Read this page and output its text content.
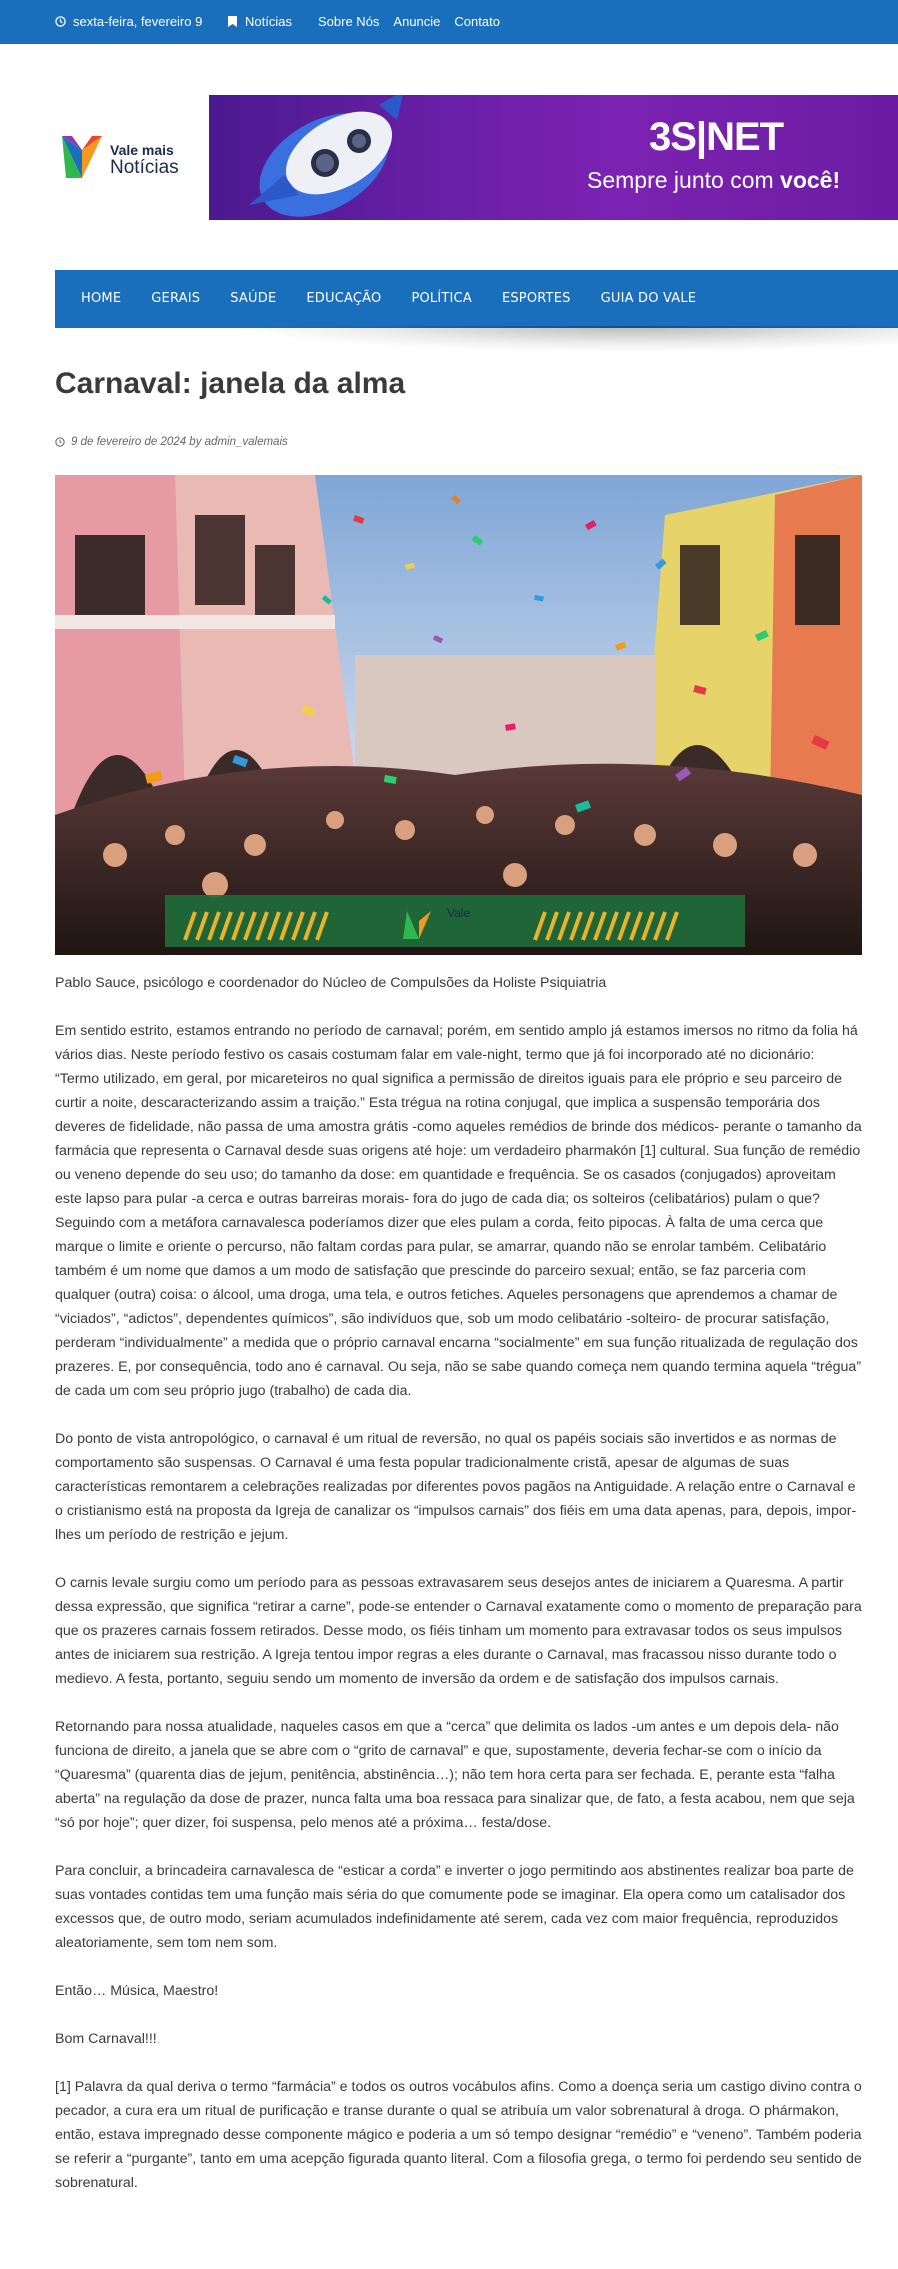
sexta-feira, fevereiro 9	Notícias Sobre Nós Anuncie Contato
Vale mais
Notícias
3S|NET
Sempre junto com você!
HOME GERAIS SAÚDE EDUCAÇÃO POLÍTICA ESPORTES GUIA DO VALE
Carnaval: janela da alma
9 de fevereiro de 2024
by
admin_valemais
Vale

Pablo Sauce, psicólogo e coordenador do Núcleo de Compulsões da Holiste Psiquiatria

Em sentido estrito, estamos entrando no período de carnaval; porém, em sentido amplo já estamos imersos no ritmo da folia há vários dias. Neste período festivo os casais costumam falar em vale-night, termo que já foi incorporado até no dicionário: “Termo utilizado, em geral, por micareteiros no qual significa a permissão de direitos iguais para ele próprio e seu parceiro de curtir a noite, descaracterizando assim a traição.” Esta trégua na rotina conjugal, que implica a suspensão temporária dos deveres de fidelidade, não passa de uma amostra grátis -como aqueles remédios de brinde dos médicos- perante o tamanho da farmácia que representa o Carnaval desde suas origens até hoje: um verdadeiro pharmakón [1] cultural. Sua função de remédio ou veneno depende do seu uso; do tamanho da dose: em quantidade e frequência. Se os casados (conjugados) aproveitam este lapso para pular -a cerca e outras barreiras morais- fora do jugo de cada dia; os solteiros (celibatários) pulam o que? Seguindo com a metáfora carnavalesca poderíamos dizer que eles pulam a corda, feito pipocas. À falta de uma cerca que marque o limite e oriente o percurso, não faltam cordas para pular, se amarrar, quando não se enrolar também. Celibatário também é um nome que damos a um modo de satisfação que prescinde do parceiro sexual; então, se faz parceria com qualquer (outra) coisa: o álcool, uma droga, uma tela, e outros fetiches. Aqueles personagens que aprendemos a chamar de “viciados”, “adictos”, dependentes químicos”, são indivíduos que, sob um modo celibatário -solteiro- de procurar satisfação, perderam “individualmente” a medida que o próprio carnaval encarna “socialmente” em sua função ritualizada de regulação dos prazeres. E, por consequência, todo ano é carnaval. Ou seja, não se sabe quando começa nem quando termina aquela “trégua” de cada um com seu próprio jugo (trabalho) de cada dia.

Do ponto de vista antropológico, o carnaval é um ritual de reversão, no qual os papéis sociais são invertidos e as normas de comportamento são suspensas. O Carnaval é uma festa popular tradicionalmente cristã, apesar de algumas de suas características remontarem a celebrações realizadas por diferentes povos pagãos na Antiguidade. A relação entre o Carnaval e o cristianismo está na proposta da Igreja de canalizar os “impulsos carnais” dos fiéis em uma data apenas, para, depois, impor-lhes um período de restrição e jejum.

O carnis levale surgiu como um período para as pessoas extravasarem seus desejos antes de iniciarem a Quaresma. A partir dessa expressão, que significa “retirar a carne”, pode-se entender o Carnaval exatamente como o momento de preparação para que os prazeres carnais fossem retirados. Desse modo, os fiéis tinham um momento para extravasar todos os seus impulsos antes de iniciarem sua restrição. A Igreja tentou impor regras a eles durante o Carnaval, mas fracassou nisso durante todo o medievo. A festa, portanto, seguiu sendo um momento de inversão da ordem e de satisfação dos impulsos carnais.

Retornando para nossa atualidade, naqueles casos em que a “cerca” que delimita os lados -um antes e um depois dela- não funciona de direito, a janela que se abre com o “grito de carnaval” e que, supostamente, deveria fechar-se com o início da “Quaresma” (quarenta dias de jejum, penitência, abstinência…); não tem hora certa para ser fechada. E, perante esta “falha aberta” na regulação da dose de prazer, nunca falta uma boa ressaca para sinalizar que, de fato, a festa acabou, nem que seja “só por hoje”; quer dizer, foi suspensa, pelo menos até a próxima… festa/dose.

Para concluir, a brincadeira carnavalesca de “esticar a corda” e inverter o jogo permitindo aos abstinentes realizar boa parte de suas vontades contidas tem uma função mais séria do que comumente pode se imaginar. Ela opera como um catalisador dos excessos que, de outro modo, seriam acumulados indefinidamente até serem, cada vez com maior frequência, reproduzidos aleatoriamente, sem tom nem som.

Então… Música, Maestro!

Bom Carnaval!!!

[1] Palavra da qual deriva o termo “farmácia” e todos os outros vocábulos afins. Como a doença seria um castigo divino contra o pecador, a cura era um ritual de purificação e transe durante o qual se atribuía um valor sobrenatural à droga. O phármakon, então, estava impregnado desse componente mágico e poderia a um só tempo designar “remédio” e “veneno”. Também poderia se referir a “purgante”, tanto em uma acepção figurada quanto literal. Com a filosofia grega, o termo foi perdendo seu sentido de sobrenatural.
